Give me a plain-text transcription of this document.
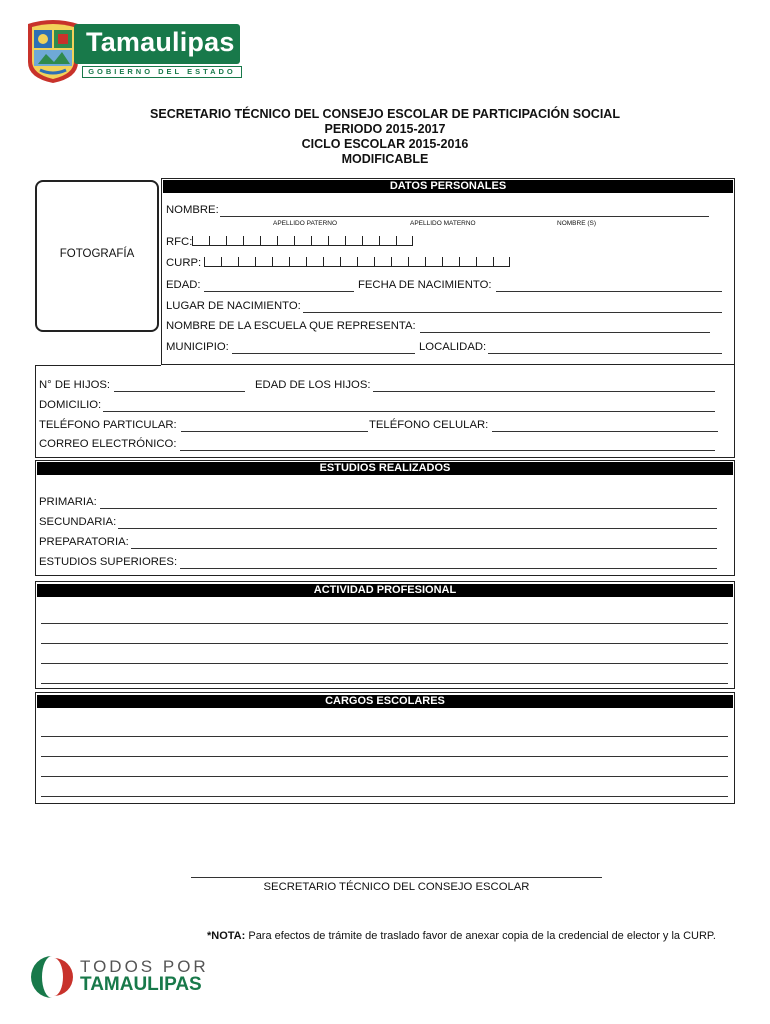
Tamaulipas
GOBIERNO DEL ESTADO
SECRETARIO TÉCNICO DEL CONSEJO ESCOLAR DE PARTICIPACIÓN SOCIAL
PERIODO 2015-2017
CICLO ESCOLAR 2015-2016
MODIFICABLE
FOTOGRAFÍA
DATOS PERSONALES
NOMBRE:
APELLIDO PATERNO	APELLIDO MATERNO	NOMBRE (S)
RFC:
CURP:
EDAD:	FECHA DE NACIMIENTO:
LUGAR DE NACIMIENTO:
NOMBRE DE LA ESCUELA QUE REPRESENTA:
MUNICIPIO:	LOCALIDAD:
N° DE HIJOS:	EDAD DE LOS HIJOS:
DOMICILIO:
TELÉFONO PARTICULAR:	TELÉFONO CELULAR:
CORREO ELECTRÓNICO:
ESTUDIOS REALIZADOS
PRIMARIA:
SECUNDARIA:
PREPARATORIA:
ESTUDIOS SUPERIORES:
ACTIVIDAD PROFESIONAL
CARGOS ESCOLARES
SECRETARIO TÉCNICO DEL CONSEJO ESCOLAR
*NOTA: Para efectos de trámite de traslado favor de anexar copia de la credencial de elector y la CURP.
TODOS POR
TAMAULIPAS
